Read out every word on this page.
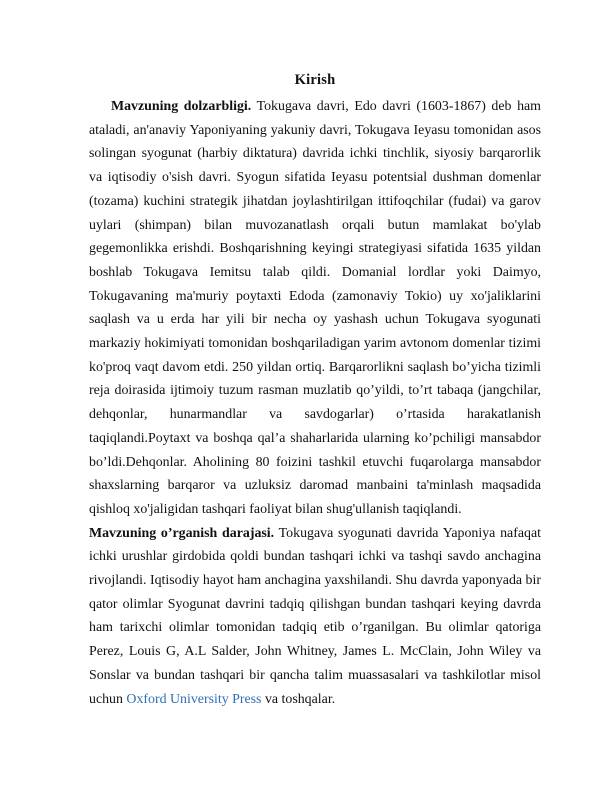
Kirish

Mavzuning dolzarbligi. Tokugava davri, Edo davri (1603-1867) deb ham ataladi, an'anaviy Yaponiyaning yakuniy davri, Tokugava Ieyasu tomonidan asos solingan syogunat (harbiy diktatura) davrida ichki tinchlik, siyosiy barqarorlik va iqtisodiy o'sish davri. Syogun sifatida Ieyasu potentsial dushman domenlar (tozama) kuchini strategik jihatdan joylashtirilgan ittifoqchilar (fudai) va garov uylari (shimpan) bilan muvozanatlash orqali butun mamlakat bo'ylab gegemonlikka erishdi. Boshqarishning keyingi strategiyasi sifatida 1635 yildan boshlab Tokugava Iemitsu talab qildi. Domanial lordlar yoki Daimyo, Tokugavaning ma'muriy poytaxti Edoda (zamonaviy Tokio) uy xo'jaliklarini saqlash va u erda har yili bir necha oy yashash uchun Tokugava syogunati markaziy hokimiyati tomonidan boshqariladigan yarim avtonom domenlar tizimi ko'proq vaqt davom etdi. 250 yildan ortiq. Barqarorlikni saqlash bo’yicha tizimli reja doirasida ijtimoiy tuzum rasman muzlatib qo’yildi, to’rt tabaqa (jangchilar, dehqonlar, hunarmandlar va savdogarlar) o’rtasida harakatlanish taqiqlandi.Poytaxt va boshqa qal’a shaharlarida ularning ko’pchiligi mansabdor bo’ldi.Dehqonlar. Aholining 80 foizini tashkil etuvchi fuqarolarga mansabdor shaxslarning barqaror va uzluksiz daromad manbaini ta'minlash maqsadida qishloq xo'jaligidan tashqari faoliyat bilan shug'ullanish taqiqlandi.

Mavzuning o’rganish darajasi. Tokugava syogunati davrida Yaponiya nafaqat ichki urushlar girdobida qoldi bundan tashqari ichki va tashqi savdo anchagina rivojlandi. Iqtisodiy hayot ham anchagina yaxshilandi. Shu davrda yaponyada bir qator olimlar Syogunat davrini tadqiq qilishgan bundan tashqari keying davrda ham tarixchi olimlar tomonidan tadqiq etib o’rganilgan. Bu olimlar qatoriga Perez, Louis G, A.L Salder, John Whitney, James L. McClain, John Wiley va Sonslar va bundan tashqari bir qancha talim muassasalari va tashkilotlar misol uchun Oxford University Press va toshqalar.
